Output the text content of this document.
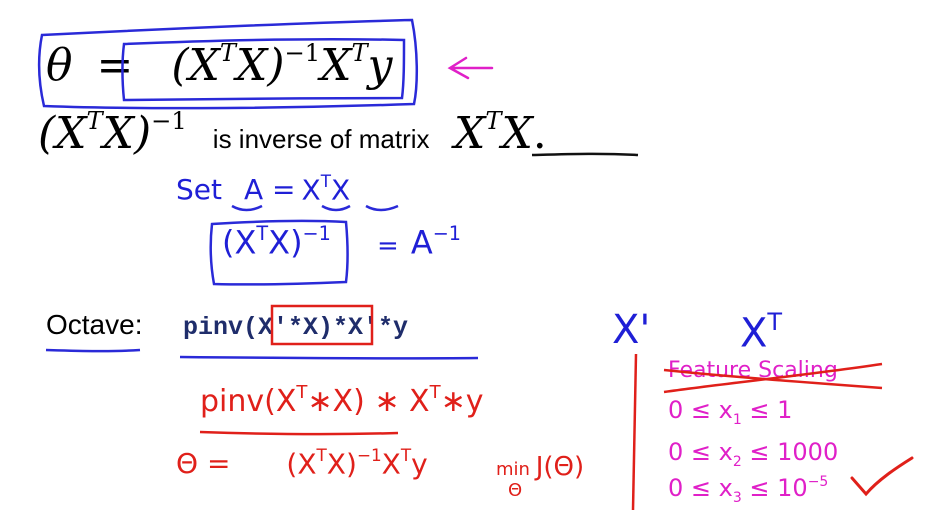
$\theta = (X^TX)^{-1}X^Ty$
$(X^TX)^{-1}$ is inverse of matrix $X^TX$.
Octave: pinv(X'*X)*X'*y
Set $A = X^TX$
$(X^TX)^{-1} = A^{-1}$
$pinv(X^T∗X)$ ∗ $X^T∗y$
$\Theta = (X^TX)^{-1}X^Ty$	min J(Θ)
Θ
X' $X^T$
Feature Scaling
$0 \le x_1 \le 1$
$0 \le x_2 \le 1000$
$0 \le x_3 \le 10^{-5}$
